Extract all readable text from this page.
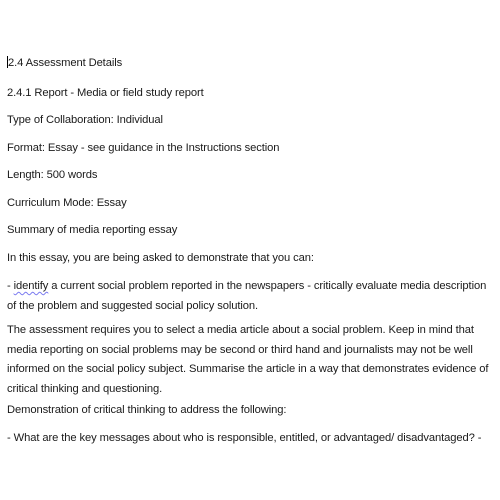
2.4 Assessment Details
2.4.1 Report - Media or field study report
Type of Collaboration: Individual
Format: Essay - see guidance in the Instructions section
Length: 500 words
Curriculum Mode: Essay
Summary of media reporting essay
In this essay, you are being asked to demonstrate that you can:
- identify a current social problem reported in the newspapers - critically evaluate media description of the problem and suggested social policy solution.
The assessment requires you to select a media article about a social problem. Keep in mind that media reporting on social problems may be second or third hand and journalists may not be well informed on the social policy subject. Summarise the article in a way that demonstrates evidence of critical thinking and questioning.
Demonstration of critical thinking to address the following:
- What are the key messages about who is responsible, entitled, or advantaged/ disadvantaged? -
